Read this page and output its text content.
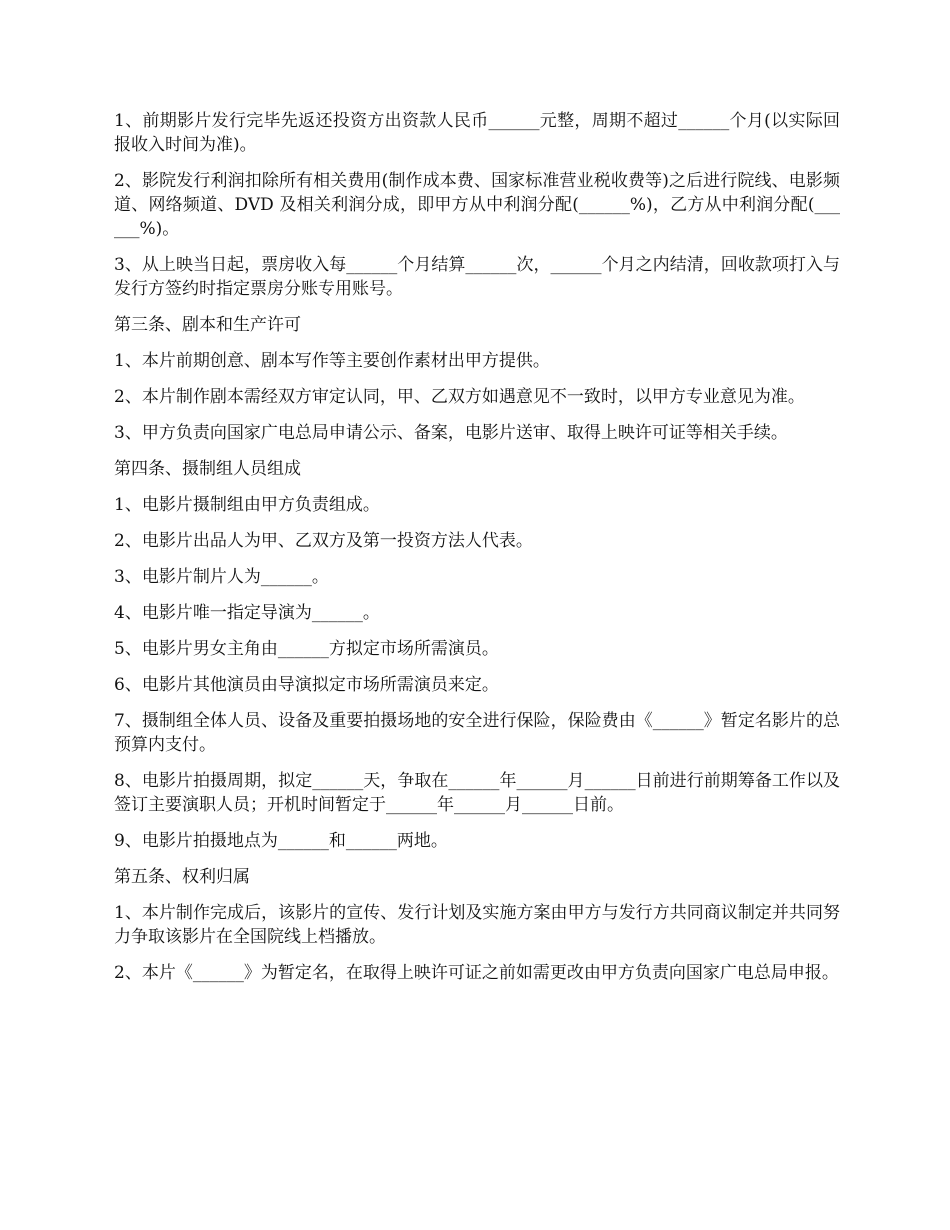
1、前期影片发行完毕先返还投资方出资款人民币______元整，周期不超过______个月(以实际回报收入时间为准)。

2、影院发行利润扣除所有相关费用(制作成本费、国家标准营业税收费等)之后进行院线、电影频道、网络频道、DVD 及相关利润分成，即甲方从中利润分配(______%)，乙方从中利润分配(______%)。

3、从上映当日起，票房收入每______个月结算______次，______个月之内结清，回收款项打入与发行方签约时指定票房分账专用账号。

第三条、剧本和生产许可

1、本片前期创意、剧本写作等主要创作素材出甲方提供。

2、本片制作剧本需经双方审定认同，甲、乙双方如遇意见不一致时，以甲方专业意见为准。

3、甲方负责向国家广电总局申请公示、备案，电影片送审、取得上映许可证等相关手续。

第四条、摄制组人员组成

1、电影片摄制组由甲方负责组成。

2、电影片出品人为甲、乙双方及第一投资方法人代表。

3、电影片制片人为______。

4、电影片唯一指定导演为______。

5、电影片男女主角由______方拟定市场所需演员。

6、电影片其他演员由导演拟定市场所需演员来定。

7、摄制组全体人员、设备及重要拍摄场地的安全进行保险，保险费由《______》暂定名影片的总预算内支付。

8、电影片拍摄周期，拟定______天，争取在______年______月______日前进行前期筹备工作以及签订主要演职人员；开机时间暂定于______年______月______日前。

9、电影片拍摄地点为______和______两地。

第五条、权利归属

1、本片制作完成后，该影片的宣传、发行计划及实施方案由甲方与发行方共同商议制定并共同努力争取该影片在全国院线上档播放。

2、本片《______》为暂定名，在取得上映许可证之前如需更改由甲方负责向国家广电总局申报。
